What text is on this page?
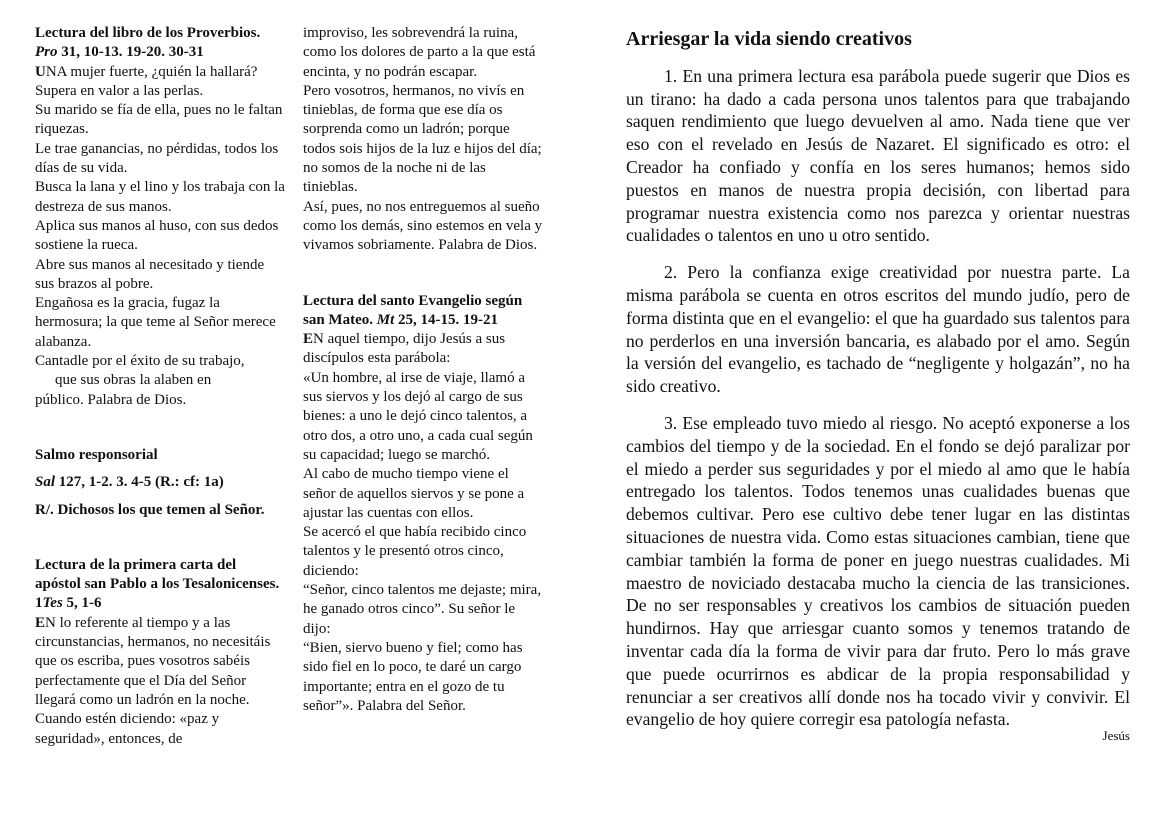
Lectura del libro de los Proverbios.
Pro 31, 10-13. 19-20. 30-31
UNA mujer fuerte, ¿quién la hallará?
Supera en valor a las perlas.
Su marido se fía de ella, pues no le faltan riquezas.
Le trae ganancias, no pérdidas, todos los días de su vida.
Busca la lana y el lino y los trabaja con la destreza de sus manos.
Aplica sus manos al huso, con sus dedos sostiene la rueca.
Abre sus manos al necesitado y tiende sus brazos al pobre.
Engañosa es la gracia, fugaz la hermosura; la que teme al Señor merece alabanza.
Cantadle por el éxito de su trabajo,
que sus obras la alaben en
público. Palabra de Dios.
Salmo responsorial
Sal 127, 1-2. 3. 4-5 (R.: cf: 1a)
R/. Dichosos los que temen al Señor.
Lectura de la primera carta del apóstol san Pablo a los Tesalonicenses. 1Tes 5, 1-6
EN lo referente al tiempo y a las circunstancias, hermanos, no necesitáis que os escriba, pues vosotros sabéis perfectamente que el Día del Señor llegará como un ladrón en la noche. Cuando estén diciendo: «paz y seguridad», entonces, de
improviso, les sobrevendrá la ruina, como los dolores de parto a la que está encinta, y no podrán escapar.
Pero vosotros, hermanos, no vivís en tinieblas, de forma que ese día os sorprenda como un ladrón; porque todos sois hijos de la luz e hijos del día; no somos de la noche ni de las tinieblas.
Así, pues, no nos entreguemos al sueño como los demás, sino estemos en vela y vivamos sobriamente. Palabra de Dios.
Lectura del santo Evangelio según san Mateo. Mt 25, 14-15. 19-21
EN aquel tiempo, dijo Jesús a sus discípulos esta parábola:
«Un hombre, al irse de viaje, llamó a sus siervos y los dejó al cargo de sus bienes: a uno le dejó cinco talentos, a otro dos, a otro uno, a cada cual según su capacidad; luego se marchó.
Al cabo de mucho tiempo viene el señor de aquellos siervos y se pone a ajustar las cuentas con ellos.
Se acercó el que había recibido cinco talentos y le presentó otros cinco, diciendo:
“Señor, cinco talentos me dejaste; mira, he ganado otros cinco”. Su señor le dijo:
“Bien, siervo bueno y fiel; como has sido fiel en lo poco, te daré un cargo importante; entra en el gozo de tu señor”». Palabra del Señor.
Arriesgar la vida siendo creativos

1. En una primera lectura esa parábola puede sugerir que Dios es un tirano: ha dado a cada persona unos talentos para que trabajando saquen rendimiento que luego devuelven al amo. Nada tiene que ver eso con el revelado en Jesús de Nazaret. El significado es otro: el Creador ha confiado y confía en los seres humanos; hemos sido puestos en manos de nuestra propia decisión, con libertad para programar nuestra existencia como nos parezca y orientar nuestras cualidades o talentos en uno u otro sentido.

2. Pero la confianza exige creatividad por nuestra parte. La misma parábola se cuenta en otros escritos del mundo judío, pero de forma distinta que en el evangelio: el que ha guardado sus talentos para no perderlos en una inversión bancaria, es alabado por el amo. Según la versión del evangelio, es tachado de “negligente y holgazán”, no ha sido creativo.

3. Ese empleado tuvo miedo al riesgo. No aceptó exponerse a los cambios del tiempo y de la sociedad. En el fondo se dejó paralizar por el miedo a perder sus seguridades y por el miedo al amo que le había entregado los talentos. Todos tenemos unas cualidades buenas que debemos cultivar. Pero ese cultivo debe tener lugar en las distintas situaciones de nuestra vida. Como estas situaciones cambian, tiene que cambiar también la forma de poner en juego nuestras cualidades. Mi maestro de noviciado destacaba mucho la ciencia de las transiciones. De no ser responsables y creativos los cambios de situación pueden hundirnos. Hay que arriesgar cuanto somos y tenemos tratando de inventar cada día la forma de vivir para dar fruto. Pero lo más grave que puede ocurrirnos es abdicar de la propia responsabilidad y renunciar a ser creativos allí donde nos ha tocado vivir y convivir. El evangelio de hoy quiere corregir esa patología nefasta.

Jesús
